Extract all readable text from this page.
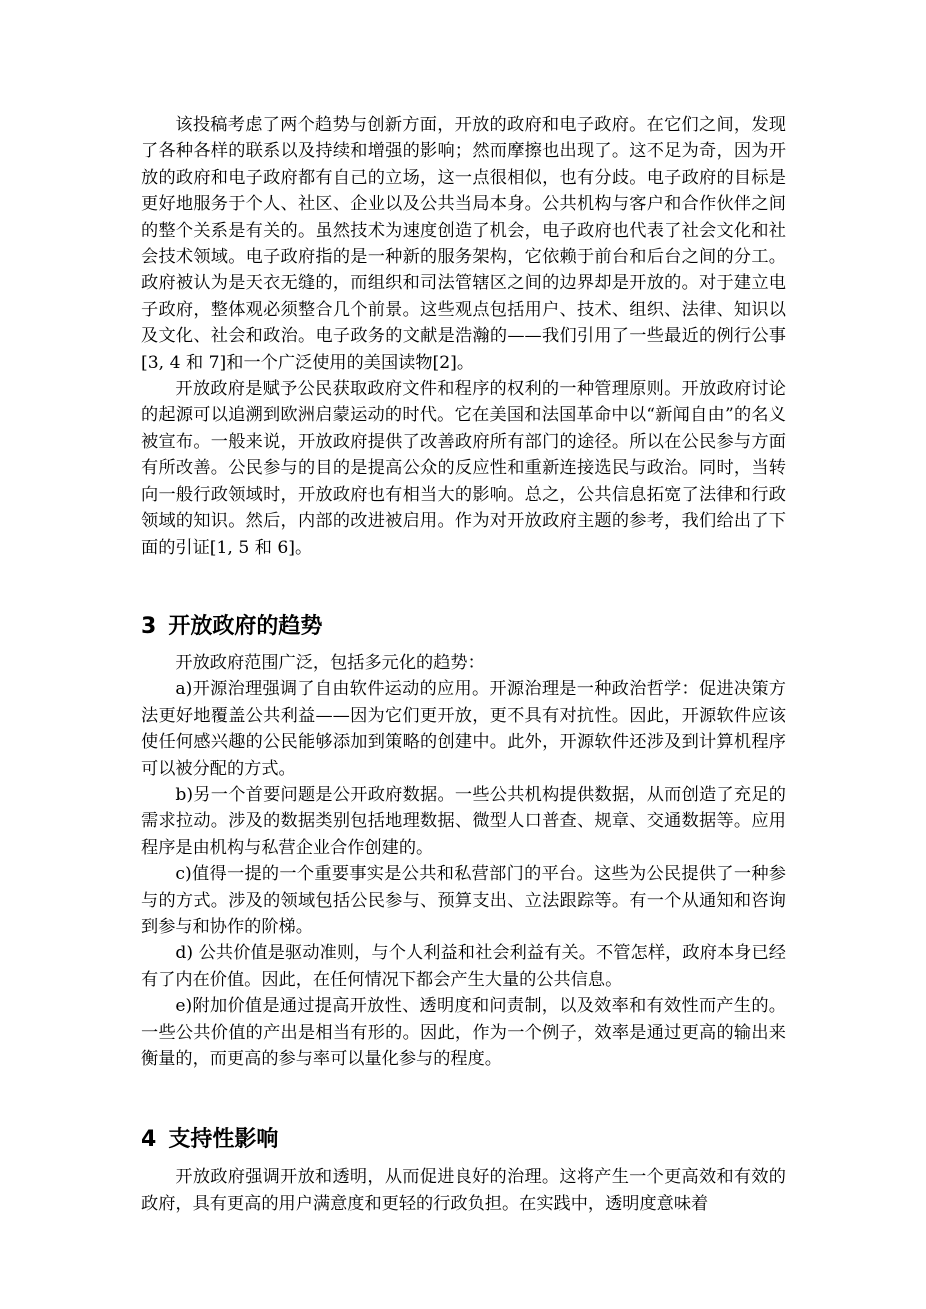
该投稿考虑了两个趋势与创新方面，开放的政府和电子政府。在它们之间，发现了各种各样的联系以及持续和增强的影响；然而摩擦也出现了。这不足为奇，因为开放的政府和电子政府都有自己的立场，这一点很相似，也有分歧。电子政府的目标是更好地服务于个人、社区、企业以及公共当局本身。公共机构与客户和合作伙伴之间的整个关系是有关的。虽然技术为速度创造了机会，电子政府也代表了社会文化和社会技术领域。电子政府指的是一种新的服务架构，它依赖于前台和后台之间的分工。政府被认为是天衣无缝的，而组织和司法管辖区之间的边界却是开放的。对于建立电子政府，整体观必须整合几个前景。这些观点包括用户、技术、组织、法律、知识以及文化、社会和政治。电子政务的文献是浩瀚的——我们引用了一些最近的例行公事[3, 4 和 7]和一个广泛使用的美国读物[2]。

开放政府是赋予公民获取政府文件和程序的权利的一种管理原则。开放政府讨论的起源可以追溯到欧洲启蒙运动的时代。它在美国和法国革命中以“新闻自由”的名义被宣布。一般来说，开放政府提供了改善政府所有部门的途径。所以在公民参与方面有所改善。公民参与的目的是提高公众的反应性和重新连接选民与政治。同时，当转向一般行政领域时，开放政府也有相当大的影响。总之，公共信息拓宽了法律和行政领域的知识。然后，内部的改进被启用。作为对开放政府主题的参考，我们给出了下面的引证[1, 5 和 6]。

3 开放政府的趋势

开放政府范围广泛，包括多元化的趋势：

a)开源治理强调了自由软件运动的应用。开源治理是一种政治哲学：促进决策方法更好地覆盖公共利益——因为它们更开放，更不具有对抗性。因此，开源软件应该使任何感兴趣的公民能够添加到策略的创建中。此外，开源软件还涉及到计算机程序可以被分配的方式。

b)另一个首要问题是公开政府数据。一些公共机构提供数据，从而创造了充足的需求拉动。涉及的数据类别包括地理数据、微型人口普查、规章、交通数据等。应用程序是由机构与私营企业合作创建的。

c)值得一提的一个重要事实是公共和私营部门的平台。这些为公民提供了一种参与的方式。涉及的领域包括公民参与、预算支出、立法跟踪等。有一个从通知和咨询到参与和协作的阶梯。

d) 公共价值是驱动准则，与个人利益和社会利益有关。不管怎样，政府本身已经有了内在价值。因此，在任何情况下都会产生大量的公共信息。

e)附加价值是通过提高开放性、透明度和问责制，以及效率和有效性而产生的。一些公共价值的产出是相当有形的。因此，作为一个例子，效率是通过更高的输出来衡量的，而更高的参与率可以量化参与的程度。

4 支持性影响

开放政府强调开放和透明，从而促进良好的治理。这将产生一个更高效和有效的政府，具有更高的用户满意度和更轻的行政负担。在实践中，透明度意味着
